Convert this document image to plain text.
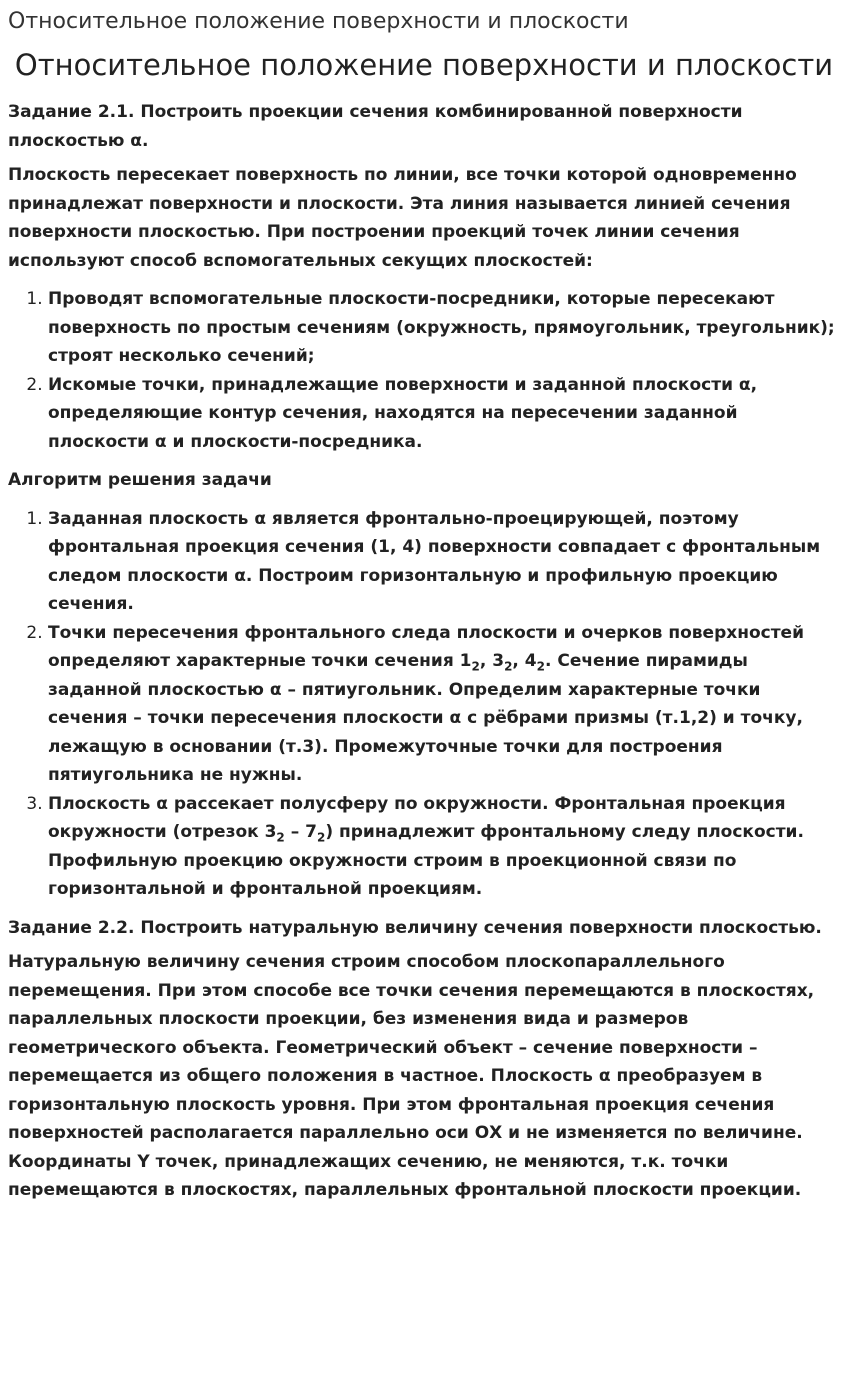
Относительное положение поверхности и плоскости
Относительное положение поверхности и плоскости

Задание 2.1. Построить проекции сечения комбинированной поверхности плоскостью α.

Плоскость пересекает поверхность по линии, все точки которой одновременно принадлежат поверхности и плоскости. Эта линия называется линией сечения поверхности плоскостью. При построении проекций точек линии сечения используют способ вспомогательных секущих плоскостей:

1. Проводят вспомогательные плоскости-посредники, которые пересекают поверхность по простым сечениям (окружность, прямоугольник, треугольник); строят несколько сечений;
2. Искомые точки, принадлежащие поверхности и заданной плоскости α, определяющие контур сечения, находятся на пересечении заданной плоскости α и плоскости-посредника.

Алгоритм решения задачи

1. Заданная плоскость α является фронтально-проецирующей, поэтому фронтальная проекция сечения (1, 4) поверхности совпадает с фронтальным следом плоскости α. Построим горизонтальную и профильную проекцию сечения.
2. Точки пересечения фронтального следа плоскости и очерков поверхностей определяют характерные точки сечения $1_2$, $3_2$, $4_2$. Сечение пирамиды заданной плоскостью α – пятиугольник. Определим характерные точки сечения – точки пересечения плоскости α с рёбрами призмы (т.1,2) и точку, лежащую в основании (т.3). Промежуточные точки для построения пятиугольника не нужны.
3. Плоскость α рассекает полусферу по окружности. Фронтальная проекция окружности (отрезок $3_2 - 7_2$) принадлежит фронтальному следу плоскости. Профильную проекцию окружности строим в проекционной связи по горизонтальной и фронтальной проекциям.

Задание 2.2. Построить натуральную величину сечения поверхности плоскостью.

Натуральную величину сечения строим способом плоскопараллельного перемещения. При этом способе все точки сечения перемещаются в плоскостях, параллельных плоскости проекции, без изменения вида и размеров геометрического объекта. Геометрический объект – сечение поверхности – перемещается из общего положения в частное. Плоскость α преобразуем в горизонтальную плоскость уровня. При этом фронтальная проекция сечения поверхностей располагается параллельно оси ОХ и не изменяется по величине. Координаты Y точек, принадлежащих сечению, не меняются, т.к. точки перемещаются в плоскостях, параллельных фронтальной плоскости проекции.
